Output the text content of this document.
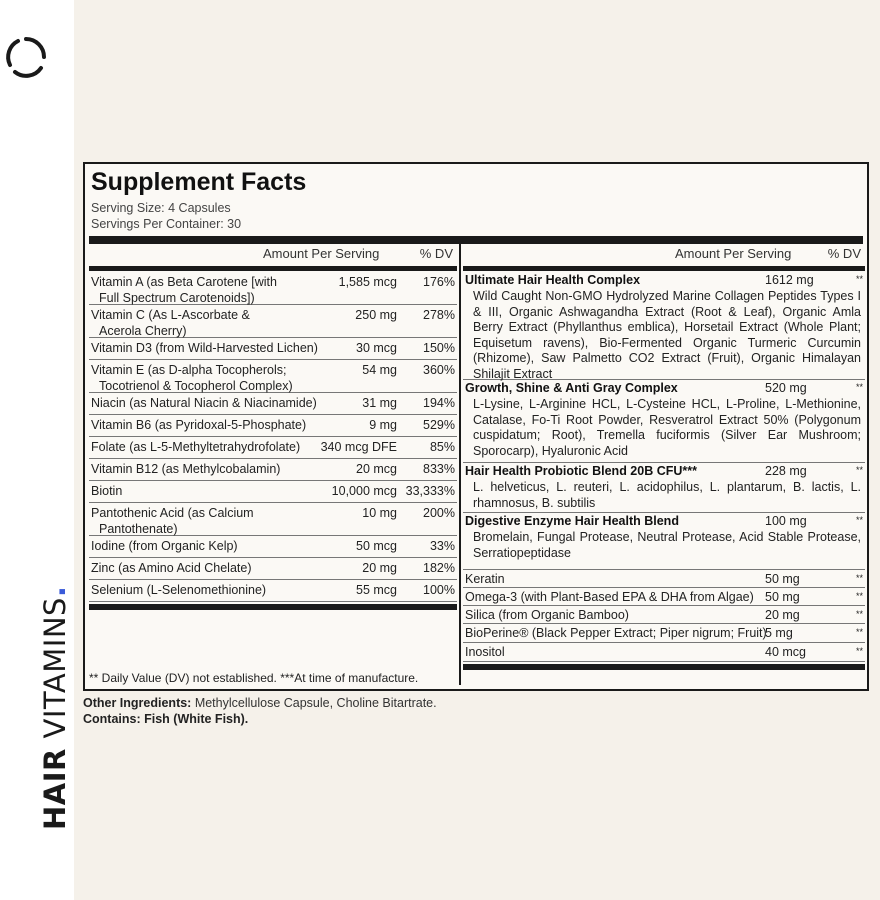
HAIR VITAMINS.
Supplement Facts
Serving Size: 4 Capsules
Servings Per Container: 30
Amount Per Serving	% DV
Vitamin A (as Beta Carotene [with
Full Spectrum Carotenoids])
1,585 mcg 176%
Vitamin C (As L-Ascorbate &
Acerola Cherry)
250 mg 278%
Vitamin D3 (from Wild-Harvested Lichen)	30 mcg 150%
Vitamin E (as D-alpha Tocopherols;
Tocotrienol & Tocopherol Complex)
54 mg 360%
Niacin (as Natural Niacin & Niacinamide)	31 mg 194%
Vitamin B6 (as Pyridoxal-5-Phosphate)	9 mg 529%
Folate (as L-5-Methyltetrahydrofolate) 340 mcg DFE	85%
Vitamin B12 (as Methylcobalamin)	20 mcg 833%
Biotin	10,000 mcg 33,333%
Pantothenic Acid (as Calcium
Pantothenate)
10 mg 200%
Iodine (from Organic Kelp)	50 mcg	33%
Zinc (as Amino Acid Chelate)	20 mg 182%
Selenium (L-Selenomethionine)	55 mcg 100%
Amount Per Serving	% DV
Ultimate Hair Health Complex	1612 mg	**
Wild Caught Non-GMO Hydrolyzed Marine Collagen Peptides Types I & III, Organic Ashwagandha Extract (Root & Leaf), Organic Amla Berry Extract (Phyllanthus emblica), Horsetail Extract (Whole Plant; Equisetum ravens), Bio-Fermented Organic Turmeric Curcumin (Rhizome), Saw Palmetto CO2 Extract (Fruit), Organic Himalayan Shilajit Extract
Growth, Shine & Anti Gray Complex	520 mg	**
L-Lysine, L-Arginine HCL, L-Cysteine HCL, L-Proline, L-Methionine, Catalase, Fo-Ti Root Powder, Resveratrol Extract 50% (Polygonum cuspidatum; Root), Tremella fuciformis (Silver Ear Mushroom; Sporocarp), Hyaluronic Acid
Hair Health Probiotic Blend 20B CFU***	228 mg	**
L. helveticus, L. reuteri, L. acidophilus, L. plantarum, B. lactis, L. rhamnosus, B. subtilis
Digestive Enzyme Hair Health Blend	100 mg	**
Bromelain, Fungal Protease, Neutral Protease, Acid Stable Protease, Serratiopeptidase
Keratin	50 mg	**
Omega-3 (with Plant-Based EPA & DHA from Algae) 50 mg	**
Silica (from Organic Bamboo)	20 mg	**
BioPerine® (Black Pepper Extract; Piper nigrum; Fruit)
5 mg	**
Inositol	40 mcg	**
** Daily Value (DV) not established. ***At time of manufacture.
Other Ingredients: Methylcellulose Capsule, Choline Bitartrate.
Contains: Fish (White Fish).
